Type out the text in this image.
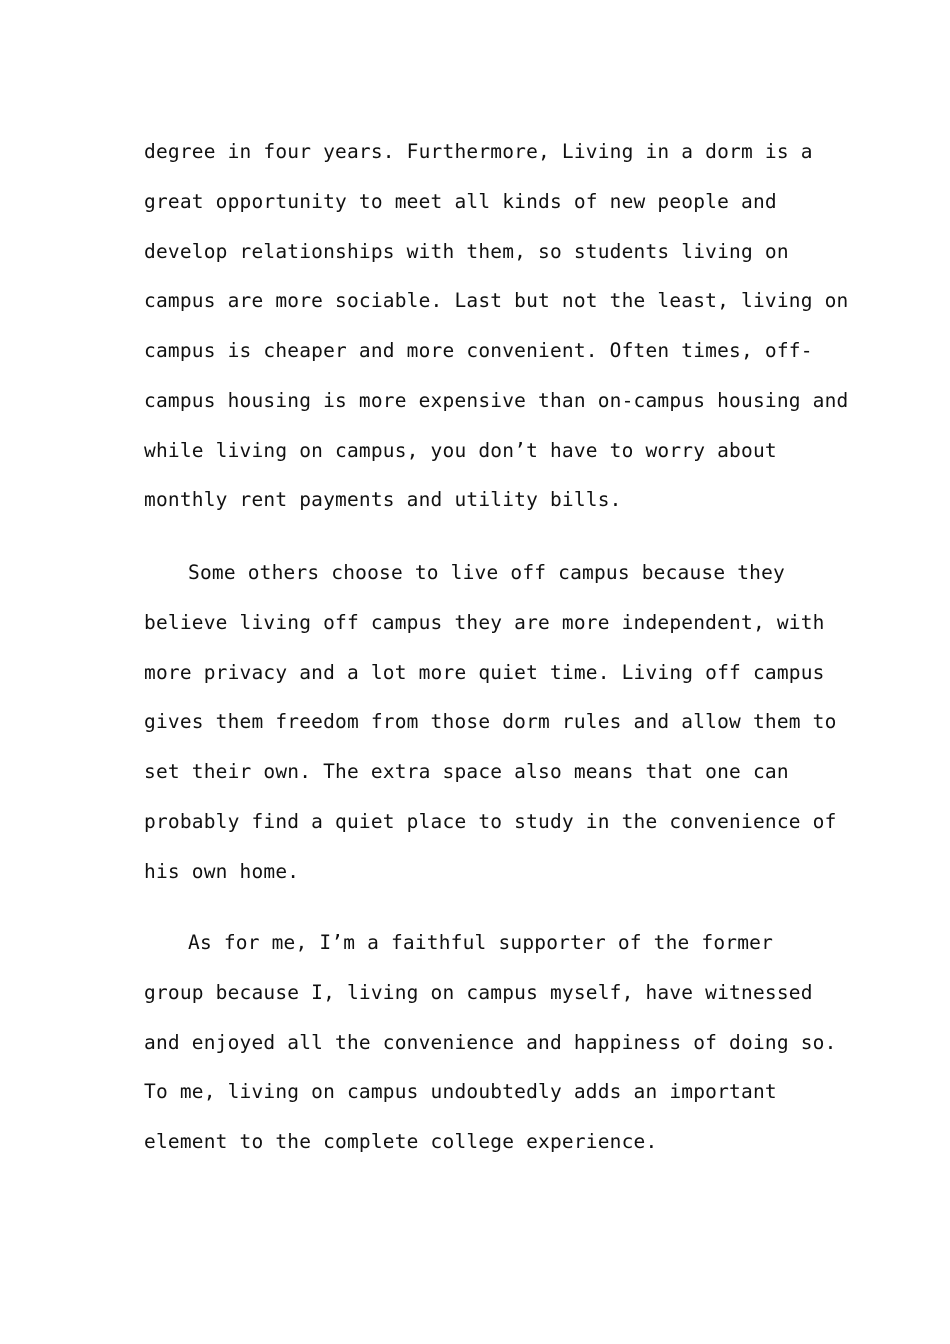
degree in four years. Furthermore, Living in a dorm is a
great opportunity to meet all kinds of new people and
develop relationships with them, so students living on
campus are more sociable. Last but not the least, living on
campus is cheaper and more convenient. Often times, off-
campus housing is more expensive than on-campus housing and
while living on campus, you don’t have to worry about
monthly rent payments and utility bills.
Some others choose to live off campus because they
believe living off campus they are more independent, with
more privacy and a lot more quiet time. Living off campus
gives them freedom from those dorm rules and allow them to
set their own. The extra space also means that one can
probably find a quiet place to study in the convenience of
his own home.
As for me, I’m a faithful supporter of the former
group because I, living on campus myself, have witnessed
and enjoyed all the convenience and happiness of doing so.
To me, living on campus undoubtedly adds an important
element to the complete college experience.
